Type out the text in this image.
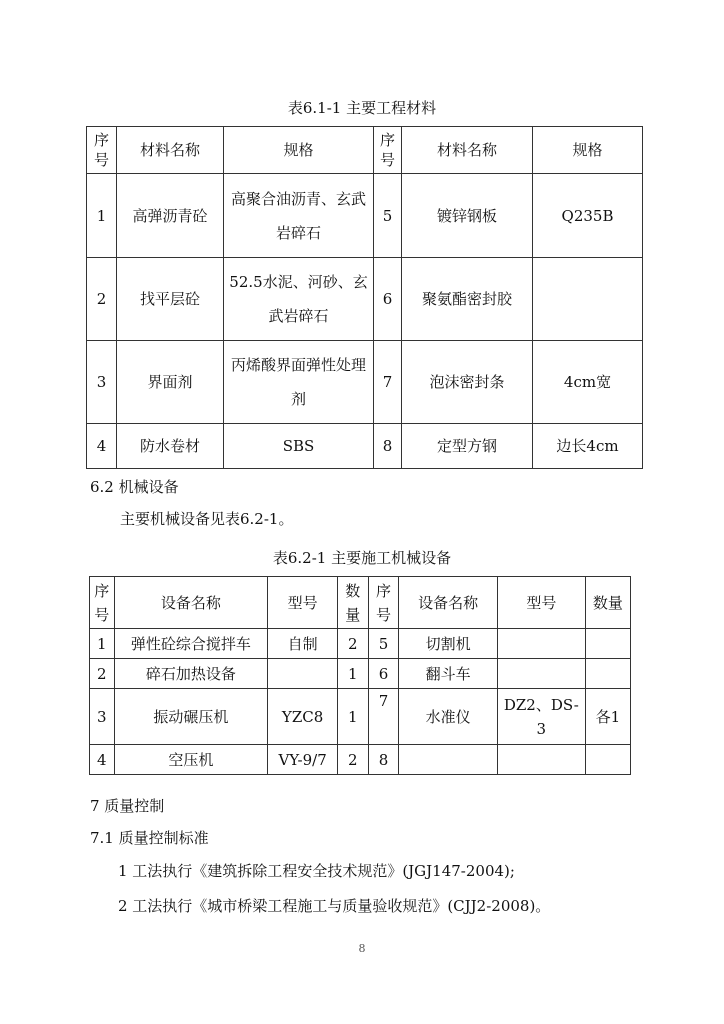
表6.1-1 主要工程材料
序号	材料名称	规格	序号	材料名称	规格
1	高弹沥青砼	高聚合油沥青、玄武岩碎石	5	镀锌钢板	Q235B
2	找平层砼	52.5水泥、河砂、玄武岩碎石	6	聚氨酯密封胶	
3	界面剂	丙烯酸界面弹性处理剂	7	泡沫密封条	4cm宽
4	防水卷材	SBS	8	定型方钢	边长4cm
6.2 机械设备
主要机械设备见表6.2-1。
表6.2-1 主要施工机械设备
序号	设备名称	型号	数量	序号	设备名称	型号	数量
1	弹性砼综合搅拌车	自制	2	5	切割机		
2	碎石加热设备		1	6	翻斗车		
3	振动碾压机	YZC8	1	7	水准仪	DZ2、DS-3	各1
4	空压机	VY-9/7	2	8			
7 质量控制
7.1 质量控制标准
1 工法执行《建筑拆除工程安全技术规范》(JGJ147-2004);
2 工法执行《城市桥梁工程施工与质量验收规范》(CJJ2-2008)。
8
